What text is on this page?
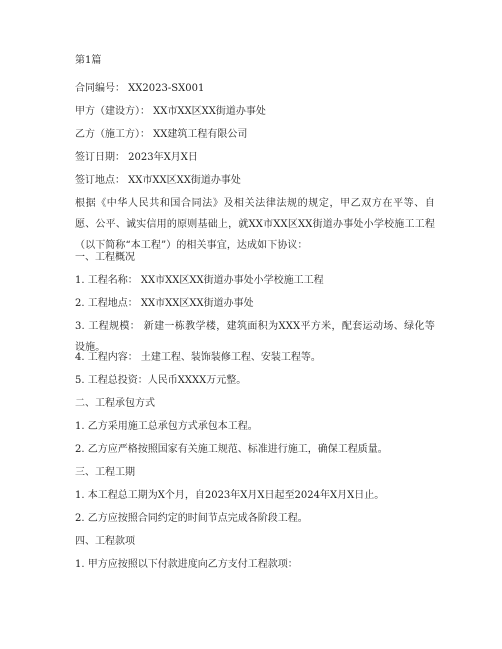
第1篇
合同编号： XX2023-SX001
甲方（建设方）： XX市XX区XX街道办事处
乙方（施工方）： XX建筑工程有限公司
签订日期： 2023年X月X日
签订地点： XX市XX区XX街道办事处
根据《中华人民共和国合同法》及相关法律法规的规定，甲乙双方在平等、自愿、公平、诚实信用的原则基础上，就XX市XX区XX街道办事处小学校施工工程（以下简称“本工程”）的相关事宜，达成如下协议：
一、工程概况
1. 工程名称： XX市XX区XX街道办事处小学校施工工程
2. 工程地点： XX市XX区XX街道办事处
3. 工程规模： 新建一栋教学楼，建筑面积为XXX平方米，配套运动场、绿化等设施。
4. 工程内容： 土建工程、装饰装修工程、安装工程等。
5. 工程总投资：人民币XXXX万元整。
二、工程承包方式
1. 乙方采用施工总承包方式承包本工程。
2. 乙方应严格按照国家有关施工规范、标准进行施工，确保工程质量。
三、工程工期
1. 本工程总工期为X个月，自2023年X月X日起至2024年X月X日止。
2. 乙方应按照合同约定的时间节点完成各阶段工程。
四、工程款项
1. 甲方应按照以下付款进度向乙方支付工程款项：
